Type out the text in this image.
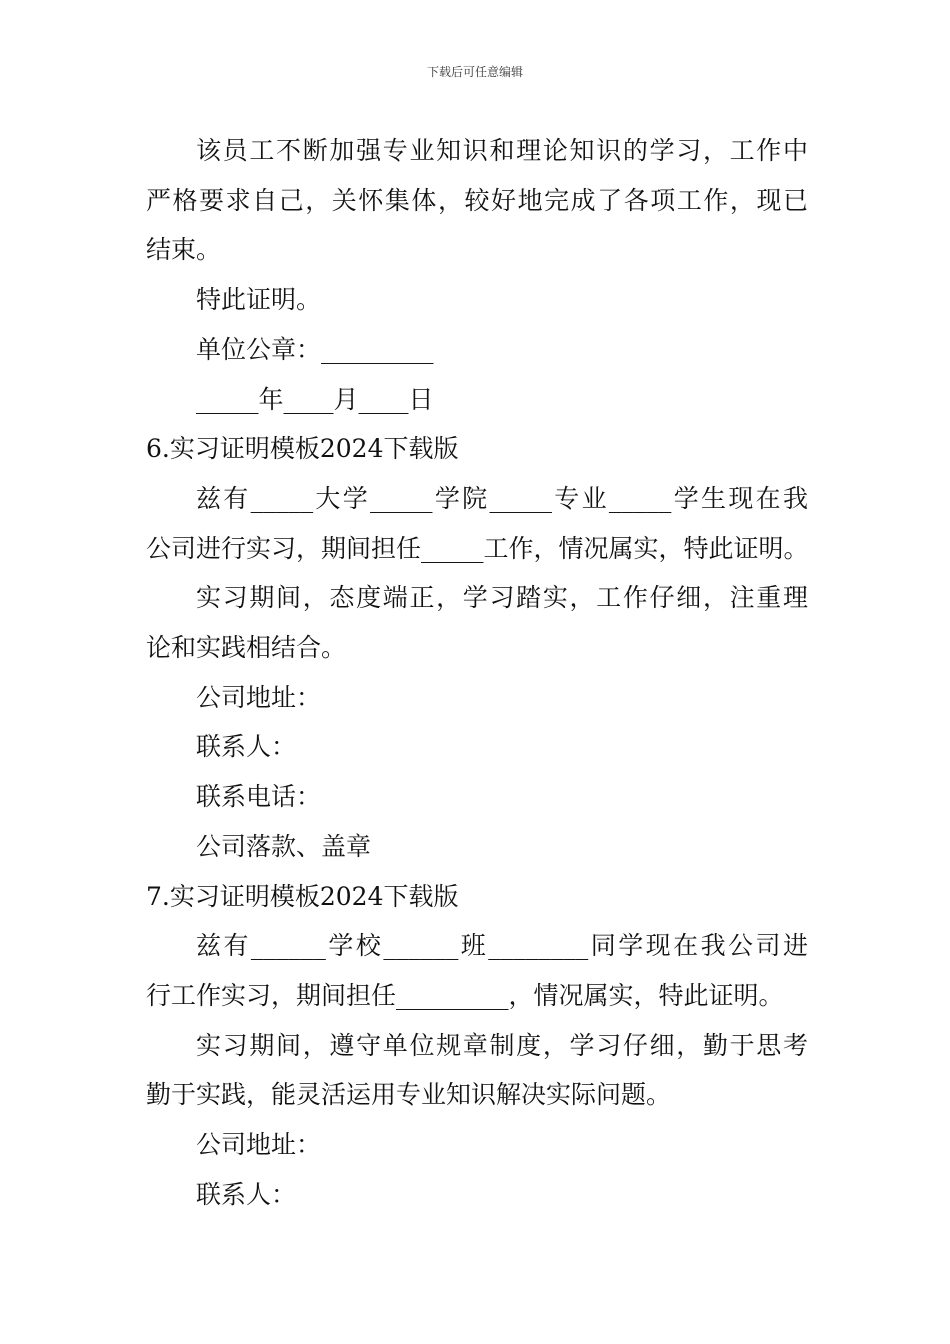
下载后可任意编辑

该员工不断加强专业知识和理论知识的学习，工作中

严格要求自己，关怀集体，较好地完成了各项工作，现已

结束。

特此证明。

单位公章：_________

_____年____月____日

6.实习证明模板2024下载版

兹有_____大学_____学院_____专业_____学生现在我

公司进行实习，期间担任_____工作，情况属实，特此证明。

实习期间，态度端正，学习踏实，工作仔细，注重理

论和实践相结合。

公司地址：

联系人：

联系电话：

公司落款、盖章

7.实习证明模板2024下载版

兹有______学校______班________同学现在我公司进

行工作实习，期间担任_________，情况属实，特此证明。

实习期间，遵守单位规章制度，学习仔细，勤于思考

勤于实践，能灵活运用专业知识解决实际问题。

公司地址：

联系人：
